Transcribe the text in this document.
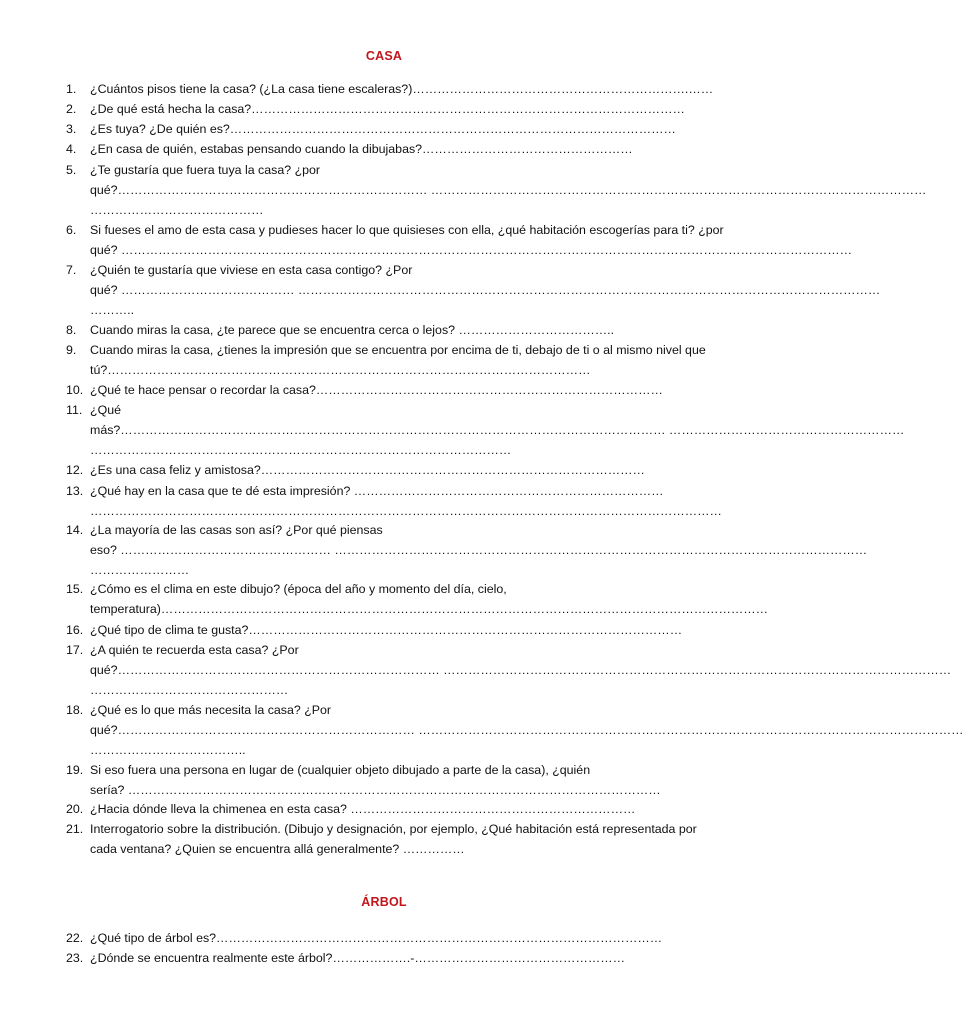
CASA
1.	¿Cuántos pisos tiene la casa? (¿La casa tiene escaleras?)………………………………………………………….……
2.	¿De qué está hecha la casa?……………………………………………………………………………………………
3.	¿Es tuya? ¿De quién es?………………………………………………………………………………………………
4.	¿En casa de quién, estabas pensando cuando la dibujabas?……………………………………………
5.	¿Te gustaría que fuera tuya la casa? ¿por
qué?………………………………………………………………… …………………………………………………………………………………………………………
……………………………………
6.	Si fueses el amo de esta casa y pudieses hacer lo que quisieses con ella, ¿qué habitación escogerías para ti? ¿por
qué? ……………………………………………………………………………………………………………………………………………………………
7.	¿Quién te gustaría que viviese en esta casa contigo? ¿Por
qué? …………………………………… ……………………………………………………………………………………………………………………………
………..
8.	Cuando miras la casa, ¿te parece que se encuentra cerca o lejos? ………………………………..
9.	Cuando miras la casa, ¿tienes la impresión que se encuentra por encima de ti, debajo de ti o al mismo nivel que
tú?………………………………………………………………………………………………………
10. ¿Qué te hace pensar o recordar la casa?…………………………………………………………………………
11. ¿Qué
más?…………………………………………………………………………………………………………………… …………………………………………………
…………………………………………………………………………………………
12. ¿Es una casa feliz y amistosa?…………………………………………………………………………………
13. ¿Qué hay en la casa que te dé esta impresión? …………………………………………………………………
………………………………………………………………………………………………………………………………………
14. ¿La mayoría de las casas son así? ¿Por qué piensas
eso? …………………………………………… …………………………………………………………………………………………………………………
……………………
15. ¿Cómo es el clima en este dibujo? (época del año y momento del día, cielo,
temperatura)…………………………………………………………………………………………………………………………………
16. ¿Qué tipo de clima te gusta?……………………………………………………………………………………………
17. ¿A quién te recuerda esta casa? ¿Por
qué?…………………………………………………………………… ……………………………………………………………………………………………………………
…………………………………………
18. ¿Qué es lo que más necesita la casa? ¿Por
qué?……………………………………………………………… ……………………………………………………………………………………………………………………
………………………………..
19. Si eso fuera una persona en lugar de (cualquier objeto dibujado a parte de la casa), ¿quién
sería? …………………………………………………………………………………………………………………
20. ¿Hacia dónde lleva la chimenea en esta casa? ……………………………………………………………
21. Interrogatorio sobre la distribución. (Dibujo y designación, por ejemplo, ¿Qué habitación está representada por
cada ventana? ¿Quien se encuentra allá generalmente? ……………
22. ¿Qué tipo de árbol es?………………………………………………………………………………………………
23. ¿Dónde se encuentra realmente este árbol?……………….-……………………………………………
ÁRBOL
